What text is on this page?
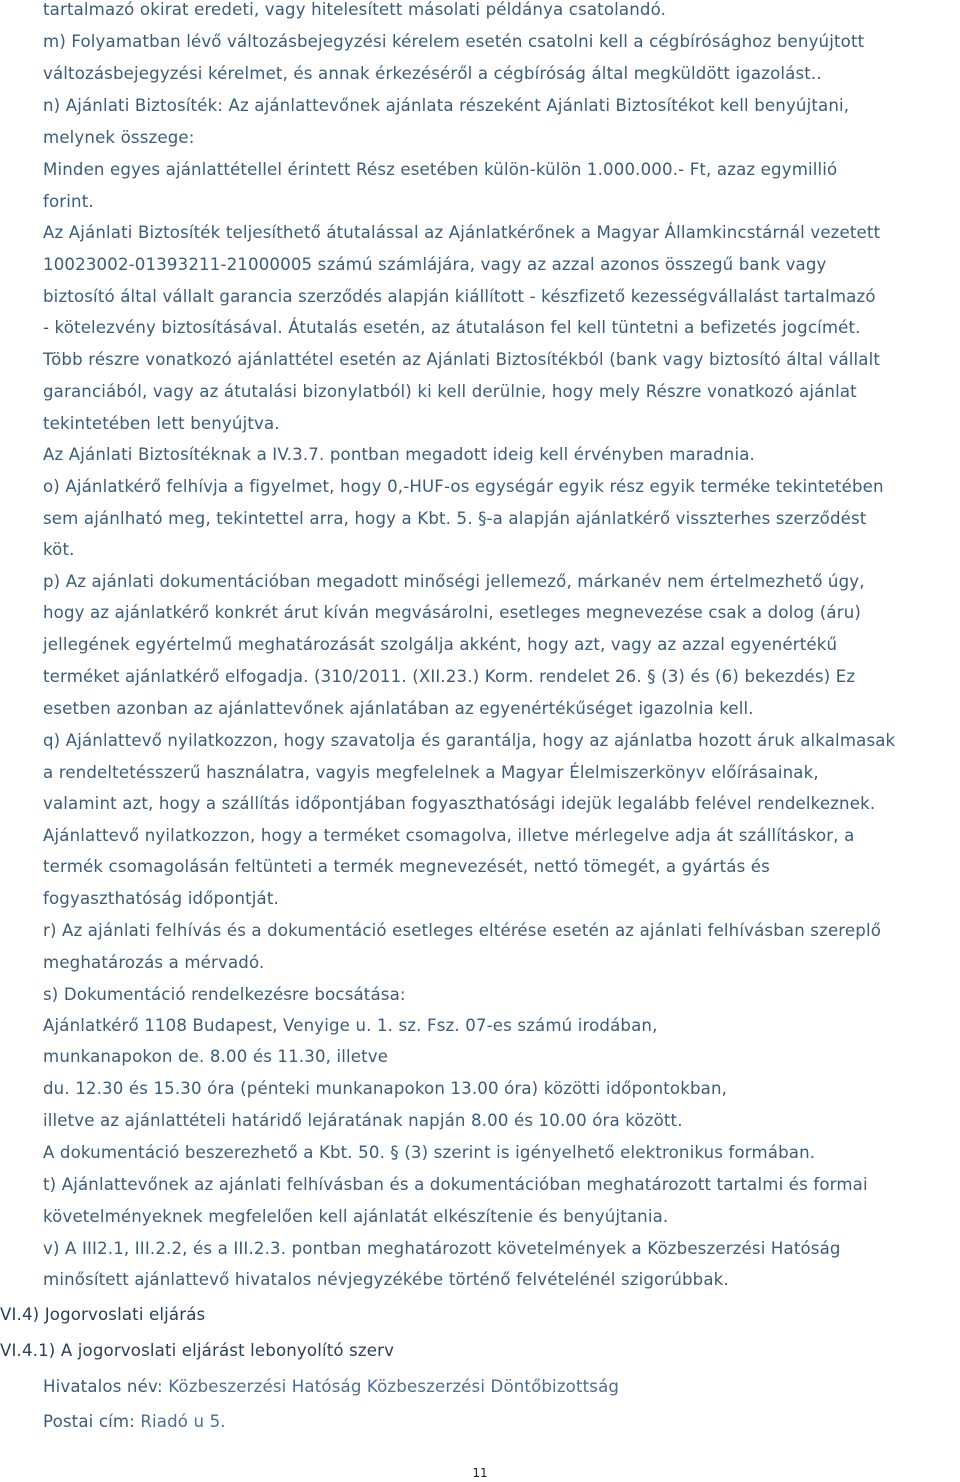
tartalmazó okirat eredeti, vagy hitelesített másolati példánya csatolandó.
m) Folyamatban lévő változásbejegyzési kérelem esetén csatolni kell a cégbírósághoz benyújtott
változásbejegyzési kérelmet, és annak érkezéséről a cégbíróság által megküldött igazolást..
n) Ajánlati Biztosíték: Az ajánlattevőnek ajánlata részeként Ajánlati Biztosítékot kell benyújtani,
melynek összege:
Minden egyes ajánlattétellel érintett Rész esetében külön-külön 1.000.000.- Ft, azaz egymillió
forint.
Az Ajánlati Biztosíték teljesíthető átutalással az Ajánlatkérőnek a Magyar Államkincstárnál vezetett
10023002-01393211-21000005 számú számlájára, vagy az azzal azonos összegű bank vagy
biztosító által vállalt garancia szerződés alapján kiállított - készfizető kezességvállalást tartalmazó
- kötelezvény biztosításával. Átutalás esetén, az átutaláson fel kell tüntetni a befizetés jogcímét.
Több részre vonatkozó ajánlattétel esetén az Ajánlati Biztosítékból (bank vagy biztosító által vállalt
garanciából, vagy az átutalási bizonylatból) ki kell derülnie, hogy mely Részre vonatkozó ajánlat
tekintetében lett benyújtva.
Az Ajánlati Biztosítéknak a IV.3.7. pontban megadott ideig kell érvényben maradnia.
o) Ajánlatkérő felhívja a figyelmet, hogy 0,-HUF-os egységár egyik rész egyik terméke tekintetében
sem ajánlható meg, tekintettel arra, hogy a Kbt. 5. §-a alapján ajánlatkérő visszterhes szerződést
köt.
p) Az ajánlati dokumentációban megadott minőségi jellemező, márkanév nem értelmezhető úgy,
hogy az ajánlatkérő konkrét árut kíván megvásárolni, esetleges megnevezése csak a dolog (áru)
jellegének egyértelmű meghatározását szolgálja akként, hogy azt, vagy az azzal egyenértékű
terméket ajánlatkérő elfogadja. (310/2011. (XII.23.) Korm. rendelet 26. § (3) és (6) bekezdés) Ez
esetben azonban az ajánlattevőnek ajánlatában az egyenértékűséget igazolnia kell.
q) Ajánlattevő nyilatkozzon, hogy szavatolja és garantálja, hogy az ajánlatba hozott áruk alkalmasak
a rendeltetésszerű használatra, vagyis megfelelnek a Magyar Élelmiszerkönyv előírásainak,
valamint azt, hogy a szállítás időpontjában fogyaszthatósági idejük legalább felével rendelkeznek.
Ajánlattevő nyilatkozzon, hogy a terméket csomagolva, illetve mérlegelve adja át szállításkor, a
termék csomagolásán feltünteti a termék megnevezését, nettó tömegét, a gyártás és
fogyaszthatóság időpontját.
r) Az ajánlati felhívás és a dokumentáció esetleges eltérése esetén az ajánlati felhívásban szereplő
meghatározás a mérvadó.
s) Dokumentáció rendelkezésre bocsátása:
Ajánlatkérő 1108 Budapest, Venyige u. 1. sz. Fsz. 07-es számú irodában,
munkanapokon de. 8.00 és 11.30, illetve
du. 12.30 és 15.30 óra (pénteki munkanapokon 13.00 óra) közötti időpontokban,
illetve az ajánlattételi határidő lejáratának napján 8.00 és 10.00 óra között.
A dokumentáció beszerezhető a Kbt. 50. § (3) szerint is igényelhető elektronikus formában.
t) Ajánlattevőnek az ajánlati felhívásban és a dokumentációban meghatározott tartalmi és formai
követelményeknek megfelelően kell ajánlatát elkészítenie és benyújtania.
v) A III2.1, III.2.2, és a III.2.3. pontban meghatározott követelmények a Közbeszerzési Hatóság
minősített ajánlattevő hivatalos névjegyzékébe történő felvételénél szigorúbbak.
VI.4) Jogorvoslati eljárás
VI.4.1) A jogorvoslati eljárást lebonyolító szerv
Hivatalos név: Közbeszerzési Hatóság Közbeszerzési Döntőbizottság
Postai cím: Riadó u 5.
11
